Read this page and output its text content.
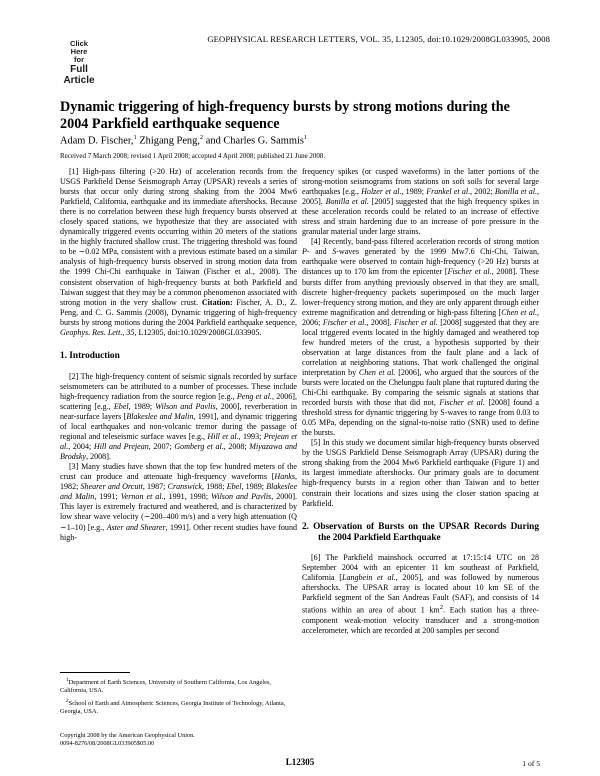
Click
Here
for
Full Article
GEOPHYSICAL RESEARCH LETTERS, VOL. 35, L12305, doi:10.1029/2008GL033905, 2008
Dynamic triggering of high-frequency bursts by strong motions during the 2004 Parkfield earthquake sequence
Adam D. Fischer,$^1$ Zhigang Peng,$^2$ and Charles G. Sammis$^1$
Received 7 March 2008; revised 1 April 2008; accepted 4 April 2008; published 21 June 2008.

[1] High-pass filtering (>20 Hz) of acceleration records from the USGS Parkfield Dense Seismograph Array (UPSAR) reveals a series of bursts that occur only during strong shaking from the 2004 Mw6 Parkfield, California, earthquake and its immediate aftershocks. Because there is no correlation between these high frequency bursts observed at closely spaced stations, we hypothesize that they are associated with dynamically triggered events occurring within 20 meters of the stations in the highly fractured shallow crust. The triggering threshold was found to be ∼0.02 MPa, consistent with a previous estimate based on a similar analysis of high-frequency bursts observed in strong motion data from the 1999 Chi-Chi earthquake in Taiwan (Fischer et al., 2008). The consistent observation of high-frequency bursts at both Parkfield and Taiwan suggest that they may be a common phenomenon associated with strong motion in the very shallow crust. Citation: Fischer, A. D., Z. Peng, and C. G. Sammis (2008), Dynamic triggering of high-frequency bursts by strong motions during the 2004 Parkfield earthquake sequence, Geophys. Res. Lett., 35, L12305, doi:10.1029/2008GL033905.

1. Introduction

[2] The high-frequency content of seismic signals recorded by surface seismometers can be attributed to a number of processes. These include high-frequency radiation from the source region [e.g., Peng et al., 2006], scattering [e.g., Ebel, 1989; Wilson and Pavlis, 2000], reverberation in near-surface layers [Blakeslee and Malin, 1991], and dynamic triggering of local earthquakes and non-volcanic tremor during the passage of regional and teleseismic surface waves [e.g., Hill et al., 1993; Prejean et al., 2004; Hill and Prejean, 2007; Gomberg et al., 2008; Miyazawa and Brodsky, 2008].

[3] Many studies have shown that the top few hundred meters of the crust can produce and attenuate high-frequency waveforms [Hanks, 1982; Shearer and Orcutt, 1987; Cranswick, 1988; Ebel, 1989; Blakeslee and Malin, 1991; Vernon et al., 1991, 1998; Wilson and Pavlis, 2000]. This layer is extremely fractured and weathered, and is characterized by low shear wave velocity (∼200–400 m/s) and a very high attenuation (Q ∼1–10) [e.g., Aster and Shearer, 1991]. Other recent studies have found high-

$^1$Department of Earth Sciences, University of Southern California, Los Angeles, California, USA.

$^2$School of Earth and Atmospheric Sciences, Georgia Institute of Technology, Atlanta, Georgia, USA.

Copyright 2008 by the American Geophysical Union.

0094-8276/08/2008GL033905$05.00

frequency spikes (or cusped waveforms) in the latter portions of the strong-motion seismograms from stations on soft soils for several large earthquakes [e.g., Holzer et al., 1989; Frankel et al., 2002; Bonilla et al., 2005]. Bonilla et al. [2005] suggested that the high frequency spikes in these acceleration records could be related to an increase of effective stress and strain hardening due to an increase of pore pressure in the granular material under large strains.

[4] Recently, band-pass filtered acceleration records of strong motion P- and S-waves generated by the 1999 Mw7.6 Chi-Chi, Taiwan, earthquake were observed to contain high-frequency (>20 Hz) bursts at distances up to 170 km from the epicenter [Fischer et al., 2008]. These bursts differ from anything previously observed in that they are small, discrete higher-frequency packets superimposed on the much larger lower-frequency strong motion, and they are only apparent through either extreme magnification and detrending or high-pass filtering [Chen et al., 2006; Fischer et al., 2008]. Fischer et al. [2008] suggested that they are local triggered events located in the highly damaged and weathered top few hundred meters of the crust, a hypothesis supported by their observation at large distances from the fault plane and a lack of correlation at neighboring stations. That work challenged the original interpretation by Chen et al. [2006], who argued that the sources of the bursts were located on the Chelungpu fault plane that ruptured during the Chi-Chi earthquake. By comparing the seismic signals at stations that recorded bursts with those that did not, Fischer et al. [2008] found a threshold stress for dynamic triggering by S-waves to range from 0.03 to 0.05 MPa, depending on the signal-to-noise ratio (SNR) used to define the bursts.

[5] In this study we document similar high-frequency bursts observed by the USGS Parkfield Dense Seismograph Array (UPSAR) during the strong shaking from the 2004 Mw6 Parkfield earthquake (Figure 1) and its largest immediate aftershocks. Our primary goals are to document high-frequency bursts in a region other than Taiwan and to better constrain their locations and sizes using the closer station spacing at Parkfield.

2. Observation of Bursts on the UPSAR Records During the 2004 Parkfield Earthquake

[6] The Parkfield mainshock occurred at 17:15:14 UTC on 28 September 2004 with an epicenter 11 km southeast of Parkfield, California [Langbein et al., 2005], and was followed by numerous aftershocks. The UPSAR array is located about 10 km SE of the Parkfield segment of the San Andreas Fault (SAF), and consists of 14 stations within an area of about 1 $km^2$. Each station has a three-component weak-motion velocity transducer and a strong-motion accelerometer, which are recorded at 200 samples per second

L12305	1 of 5
